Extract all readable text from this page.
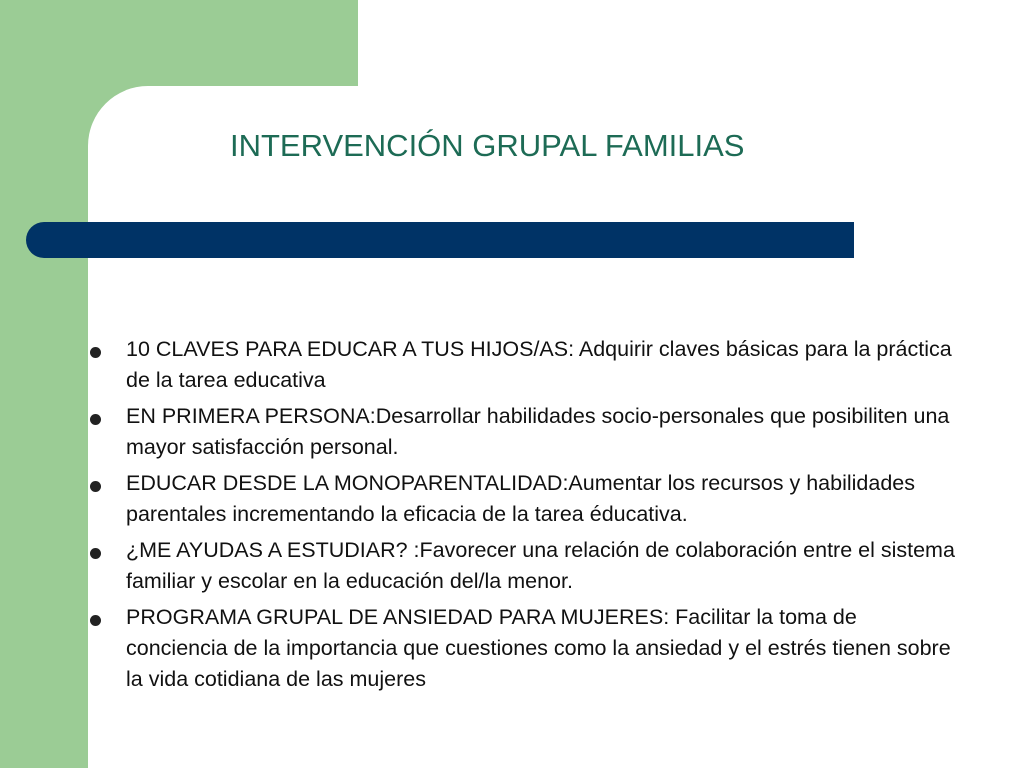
INTERVENCIÓN GRUPAL FAMILIAS
10 CLAVES PARA EDUCAR A TUS HIJOS/AS: Adquirir claves básicas para la práctica de la tarea educativa
EN PRIMERA PERSONA:Desarrollar habilidades socio-personales que posibiliten una mayor satisfacción personal.
EDUCAR DESDE LA MONOPARENTALIDAD:Aumentar los recursos y habilidades parentales incrementando la eficacia de la tarea éducativa.
¿ME AYUDAS A ESTUDIAR? :Favorecer una relación de colaboración entre el sistema familiar y escolar en la educación del/la menor.
PROGRAMA GRUPAL DE ANSIEDAD PARA MUJERES: Facilitar la toma de conciencia de la importancia que cuestiones como la ansiedad y el estrés tienen sobre la vida cotidiana de las mujeres
